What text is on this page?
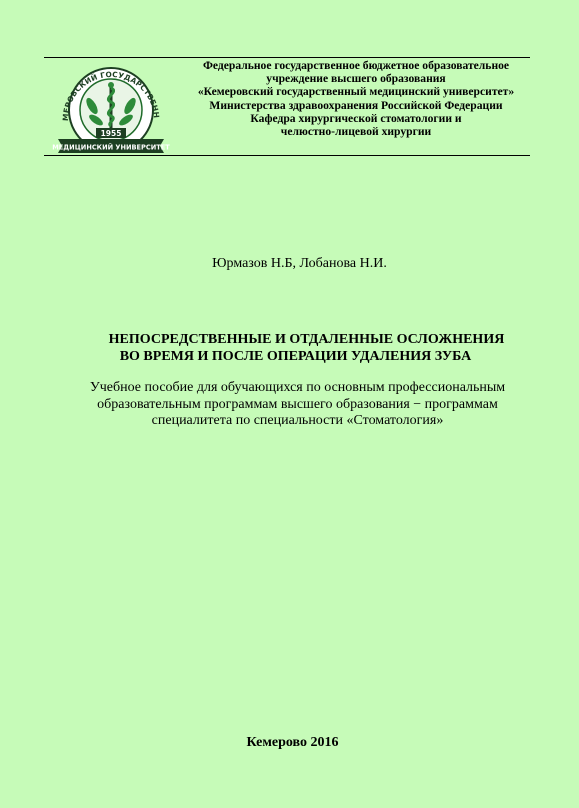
МЕРОВСКИЙ ГОСУДАРСТВЕНН
1955
МЕДИЦИНСКИЙ УНИВЕРСИТЕТ
Федеральное государственное бюджетное образовательное
учреждение высшего образования
«Кемеровский государственный медицинский университет»
Министерства здравоохранения Российской Федерации
Кафедра хирургической стоматологии и
челюстно-лицевой хирургии
Юрмазов Н.Б, Лобанова Н.И.
НЕПОСРЕДСТВЕННЫЕ И ОТДАЛЕННЫЕ ОСЛОЖНЕНИЯ
ВО ВРЕМЯ И ПОСЛЕ ОПЕРАЦИИ УДАЛЕНИЯ ЗУБА
Учебное пособие для обучающихся по основным профессиональным
образовательным программам высшего образования − программам
специалитета по специальности «Стоматология»
Кемерово 2016
